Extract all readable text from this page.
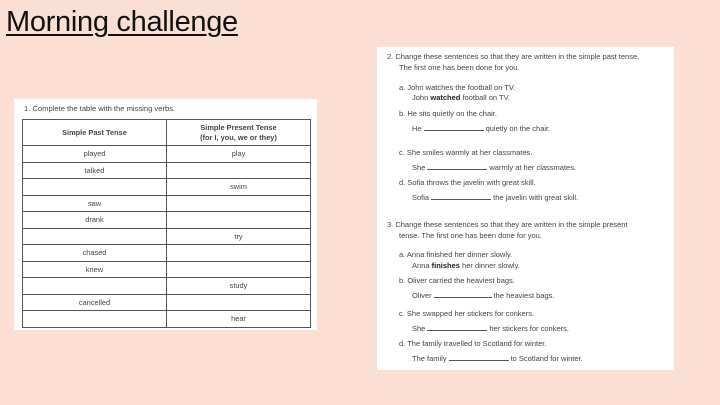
Morning challenge
1. Complete the table with the missing verbs.
Simple Past Tense	Simple Present Tense
(for I, you, we or they)
played	play
talked	
	swim
saw	
drank	
	try
chased	
knew	
	study
cancelled	
	hear
2. Change these sentences so that they are written in the simple past tense.
The first one has been done for you.
a. John watches the football on TV.
John watched football on TV.
b. He sits quietly on the chair.
He	quietly on the chair.
c. She smiles warmly at her classmates.
She	warmly at her classmates.
d. Sofia throws the javelin with great skill.
Sofia	the javelin with great skill.
3. Change these sentences so that they are written in the simple present
tense. The first one has been done for you.
a. Anna finished her dinner slowly.
Anna finishes her dinner slowly.
b. Oliver carried the heaviest bags.
Oliver	the heaviest bags.
c. She swapped her stickers for conkers.
She	her stickers for conkers.
d. The family travelled to Scotland for winter.
The family	to Scotland for winter.
